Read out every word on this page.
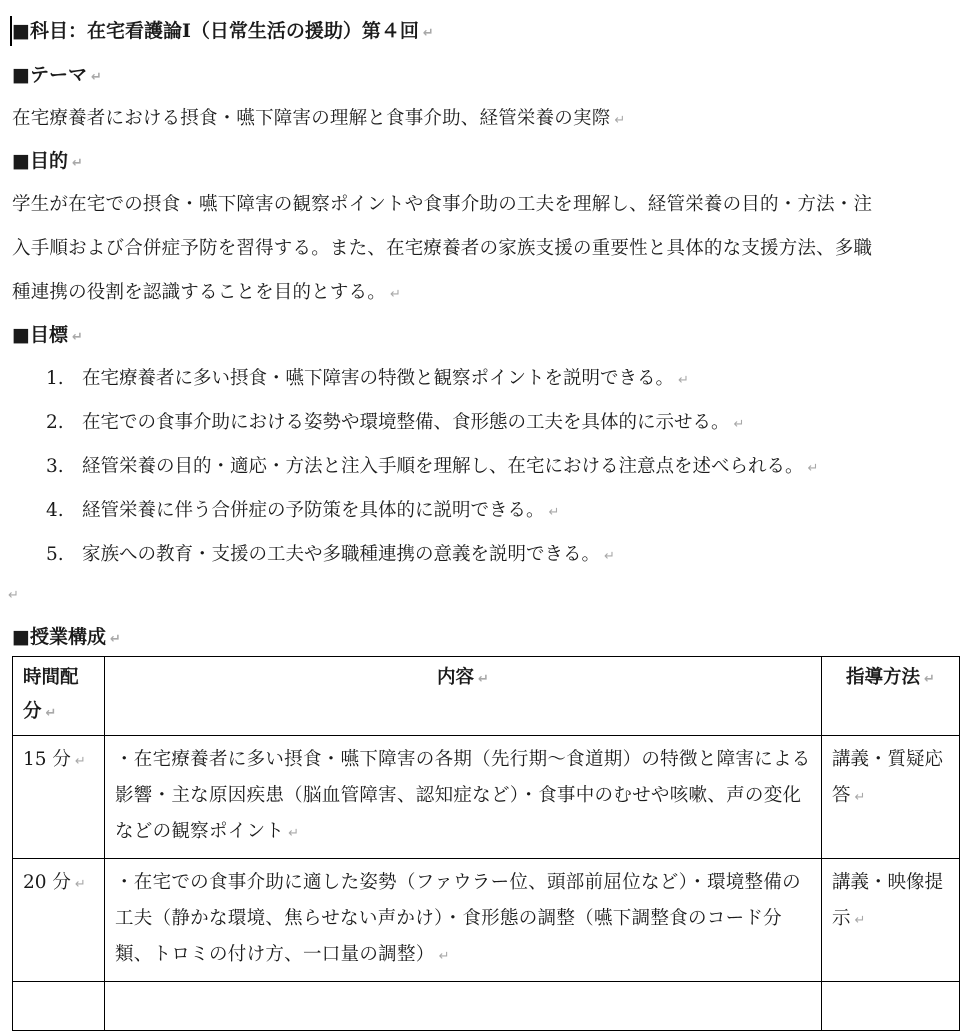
■科目：在宅看護論Ⅰ（日常生活の援助）第４回 ↵
■テーマ ↵
在宅療養者における摂食・嚥下障害の理解と食事介助、経管栄養の実際 ↵
■目的 ↵
学生が在宅での摂食・嚥下障害の観察ポイントや食事介助の工夫を理解し、経管栄養の目的・方法・注
入手順および合併症予防を習得する。また、在宅療養者の家族支援の重要性と具体的な支援方法、多職
種連携の役割を認識することを目的とする。 ↵
■目標 ↵
1. 在宅療養者に多い摂食・嚥下障害の特徴と観察ポイントを説明できる。 ↵
2. 在宅での食事介助における姿勢や環境整備、食形態の工夫を具体的に示せる。 ↵
3. 経管栄養の目的・適応・方法と注入手順を理解し、在宅における注意点を述べられる。 ↵
4. 経管栄養に伴う合併症の予防策を具体的に説明できる。 ↵
5. 家族への教育・支援の工夫や多職種連携の意義を説明できる。 ↵
↵
■授業構成 ↵
時間配分 ↵	内容 ↵	指導方法 ↵
15 分 ↵	・在宅療養者に多い摂食・嚥下障害の各期（先行期～食道期）の特徴と障害による影響・主な原因疾患（脳血管障害、認知症など）・食事中のむせや咳嗽、声の変化などの観察ポイント ↵	講義・質疑応答 ↵
20 分 ↵	・在宅での食事介助に適した姿勢（ファウラー位、頭部前屈位など）・環境整備の工夫（静かな環境、焦らせない声かけ）・食形態の調整（嚥下調整食のコード分類、トロミの付け方、一口量の調整） ↵	講義・映像提示 ↵
